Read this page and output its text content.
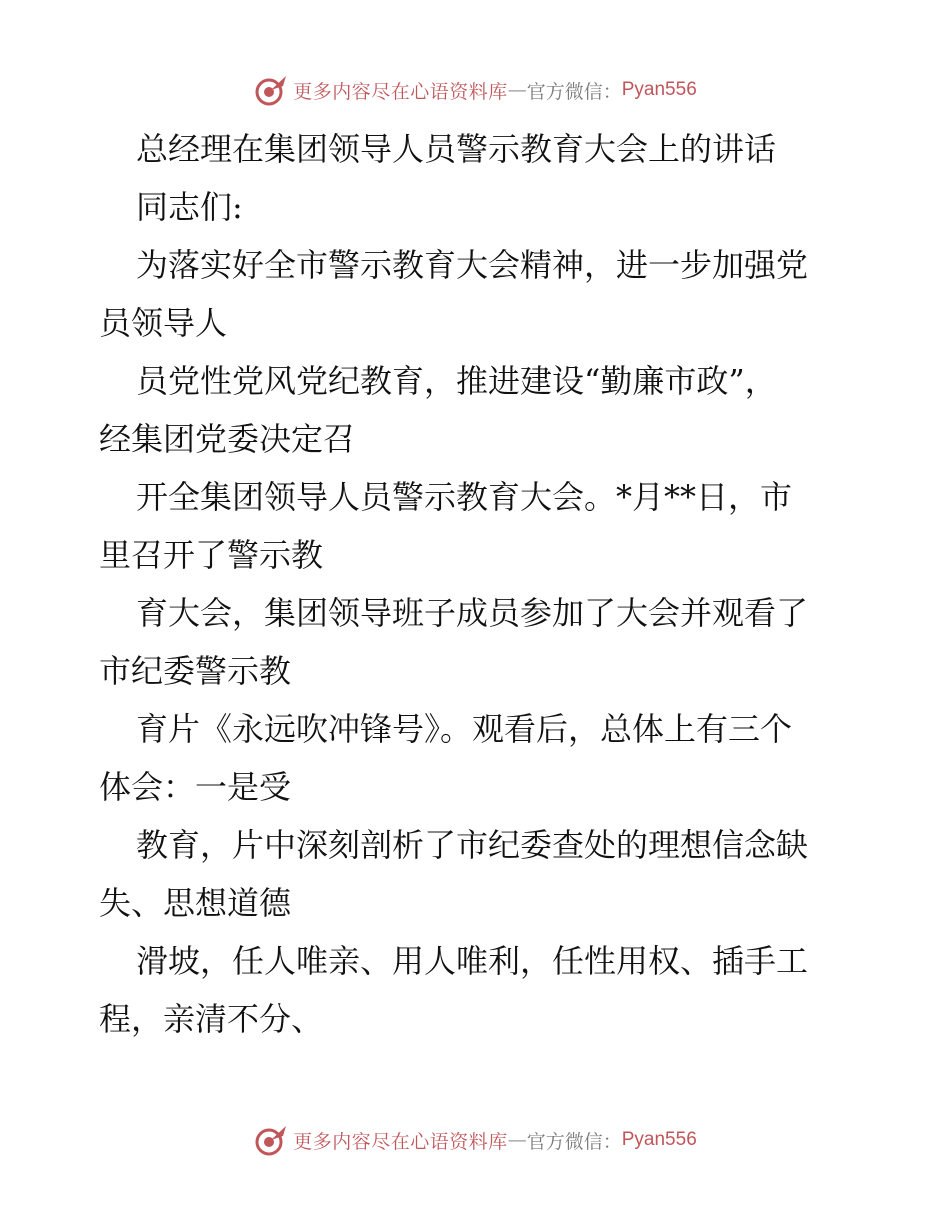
更多内容尽在心语资料库 — 官方微信： Pyan556
总经理在集团领导人员警示教育大会上的讲话
同志们:
为落实好全市警示教育大会精神，进一步加强党
员领导人
员党性党风党纪教育，推进建设“勤廉市政”，
经集团党委决定召
开全集团领导人员警示教育大会。*月**日，市
里召开了警示教
育大会，集团领导班子成员参加了大会并观看了
市纪委警示教
育片《永远吹冲锋号》。观看后，总体上有三个
体会：一是受
教育，片中深刻剖析了市纪委查处的理想信念缺
失、思想道德
滑坡，任人唯亲、用人唯利，任性用权、插手工
程，亲清不分、
更多内容尽在心语资料库 — 官方微信： Pyan556
